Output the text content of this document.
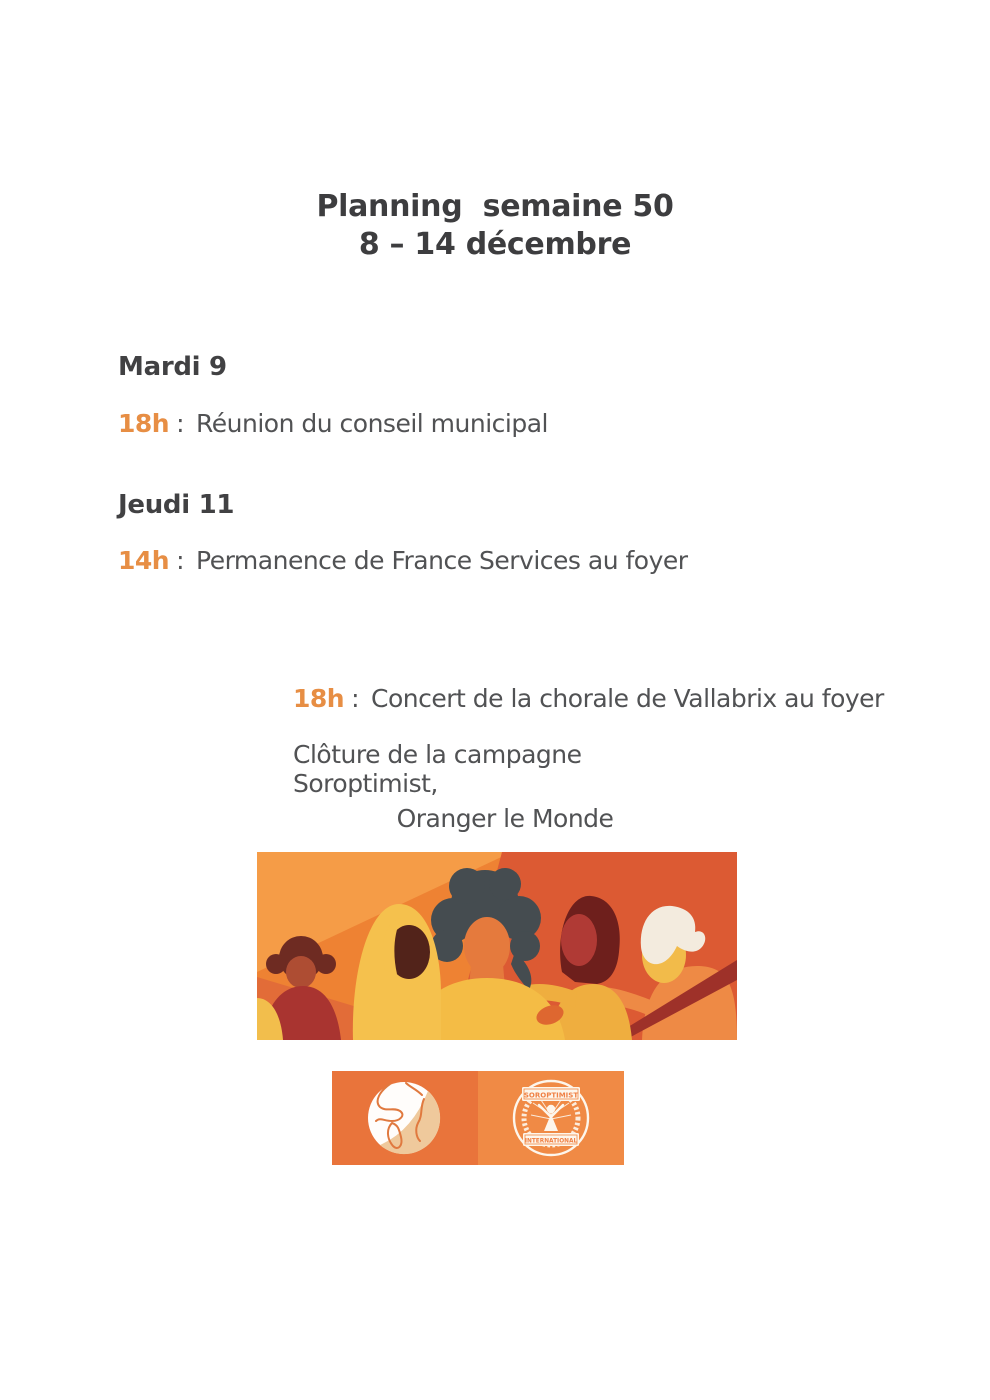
Planning  semaine 50
8 – 14 décembre
Mardi 9
18h : Réunion du conseil municipal
Jeudi 11
14h : Permanence de France Services au foyer
18h : Concert de la chorale de Vallabrix au foyer
Clôture de la campagne Soroptimist,
Oranger le Monde
SOROPTIMIST
INTERNATIONAL
